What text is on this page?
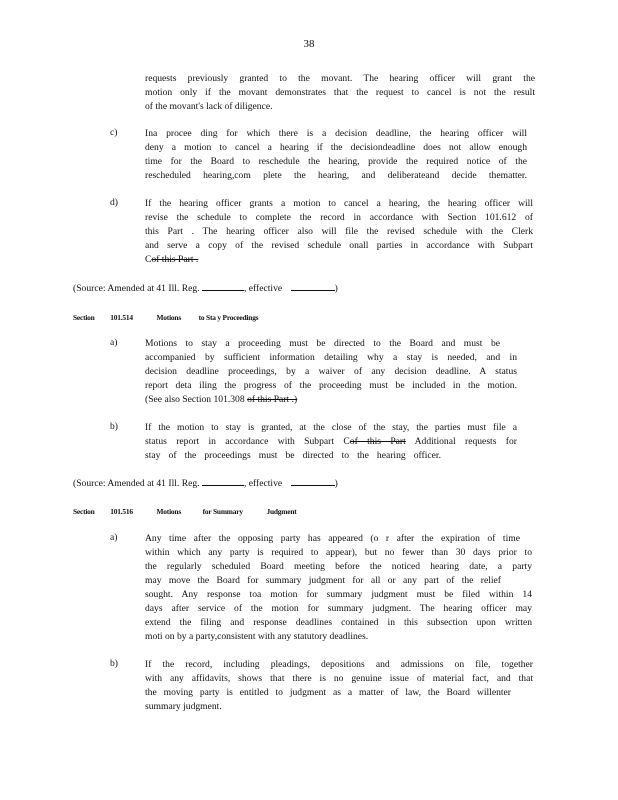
38
requests previously granted to the movant. The hearing officer will grant the
motion only if the movant demonstrates that the request to cancel is not the result
of the movant's lack of diligence.
c)	Ina procee ding for which there is a decision deadline, the hearing officer will
deny a motion to cancel a hearing if the decisiondeadline does not allow enough
time for the Board to reschedule the hearing, provide the required notice of the
rescheduled hearing,com plete the hearing, and deliberateand decide thematter.
d)	If the hearing officer grants a motion to cancel a hearing, the hearing officer will
revise the schedule to complete the record in accordance with Section 101.612 of
this Part . The hearing officer also will file the revised schedule with the Clerk
and serve a copy of the revised schedule onall parties in accordance with Subpart
Cof this Part .
(Source: Amended at 41 Ill. Reg.	, effective	)
Section 101.514	Motions to Sta y Proceedings
a)	Motions to stay a proceeding must be directed to the Board and must be
accompanied by sufficient information detailing why a stay is needed, and in
decision deadline proceedings, by a waiver of any decision deadline. A status
report deta iling the progress of the proceeding must be included in the motion.
(See also Section 101.308 of this Part .)
b)	If the motion to stay is granted, at the close of the stay, the parties must file a
status report in accordance with Subpart Cof this Part Additional requests for
stay of the proceedings must be directed to the hearing officer.
(Source: Amended at 41 Ill. Reg.	, effective	)
Section 101.516	Motions	for Summary	Judgment
a)	Any time after the opposing party has appeared (o r after the expiration of time
within which any party is required to appear), but no fewer than 30 days prior to
the regularly scheduled Board meeting before the noticed hearing date, a party
may move the Board for summary judgment for all or any part of the relief
sought. Any response toa motion for summary judgment must be filed within 14
days after service of the motion for summary judgment. The hearing officer may
extend the filing and response deadlines contained in this subsection upon written
moti on by a party,consistent with any statutory deadlines.
b)	If the record, including pleadings, depositions and admissions on file, together
with any affidavits, shows that there is no genuine issue of material fact, and that
the moving party is entitled to judgment as a matter of law, the Board willenter
summary judgment.
